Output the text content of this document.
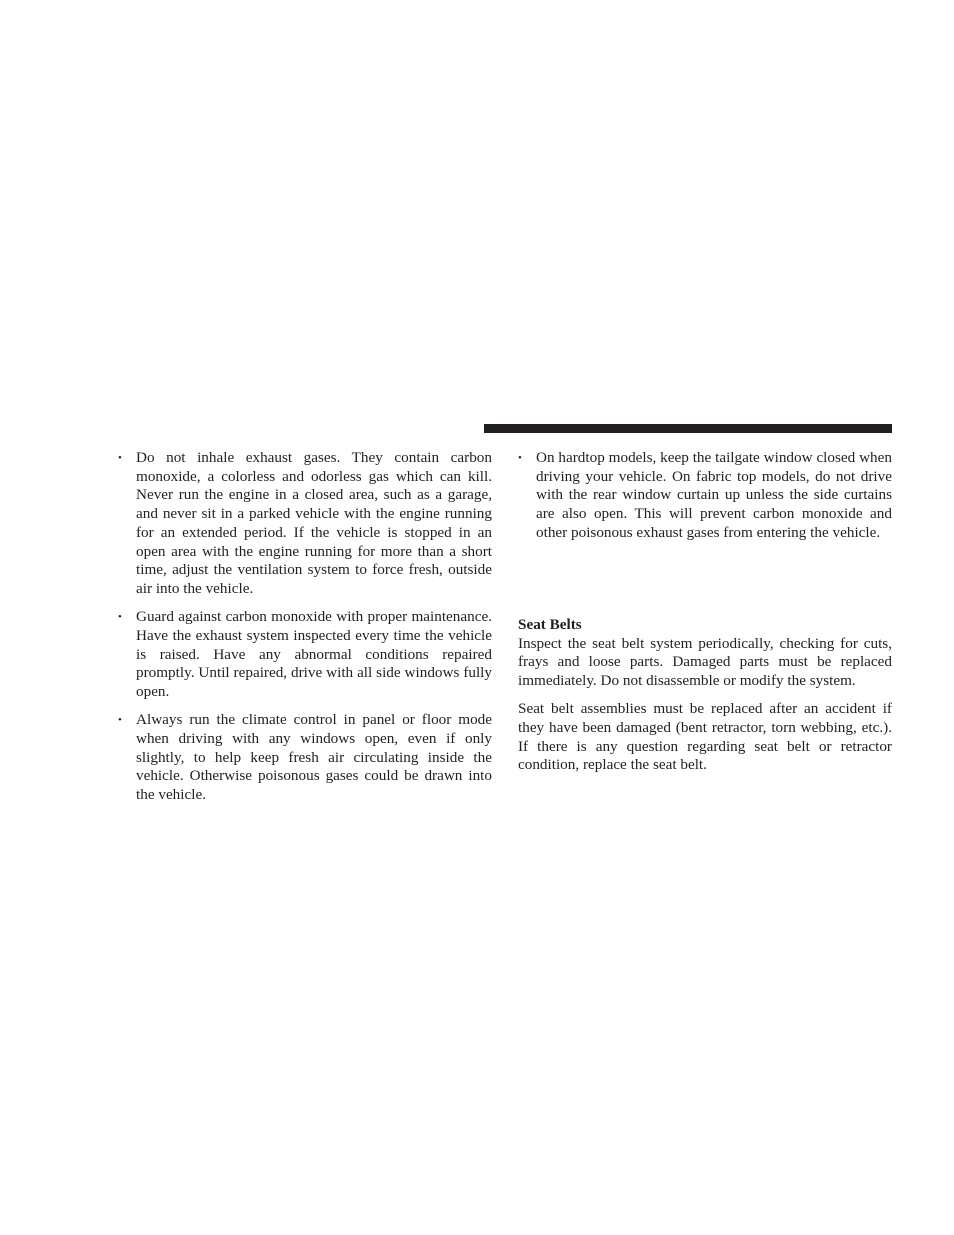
• Do not inhale exhaust gases. They contain carbon monoxide, a colorless and odorless gas which can kill. Never run the engine in a closed area, such as a garage, and never sit in a parked vehicle with the engine running for an extended period. If the vehicle is stopped in an open area with the engine running for more than a short time, adjust the ventilation system to force fresh, outside air into the vehicle.
• Guard against carbon monoxide with proper maintenance. Have the exhaust system inspected every time the vehicle is raised. Have any abnormal conditions repaired promptly. Until repaired, drive with all side windows fully open.
• Always run the climate control in panel or floor mode when driving with any windows open, even if only slightly, to help keep fresh air circulating inside the vehicle. Otherwise poisonous gases could be drawn into the vehicle.
• On hardtop models, keep the tailgate window closed when driving your vehicle. On fabric top models, do not drive with the rear window curtain up unless the side curtains are also open. This will prevent carbon monoxide and other poisonous exhaust gases from entering the vehicle.

Seat Belts

Inspect the seat belt system periodically, checking for cuts, frays and loose parts. Damaged parts must be replaced immediately. Do not disassemble or modify the system.

Seat belt assemblies must be replaced after an accident if they have been damaged (bent retractor, torn webbing, etc.). If there is any question regarding seat belt or retractor condition, replace the seat belt.
